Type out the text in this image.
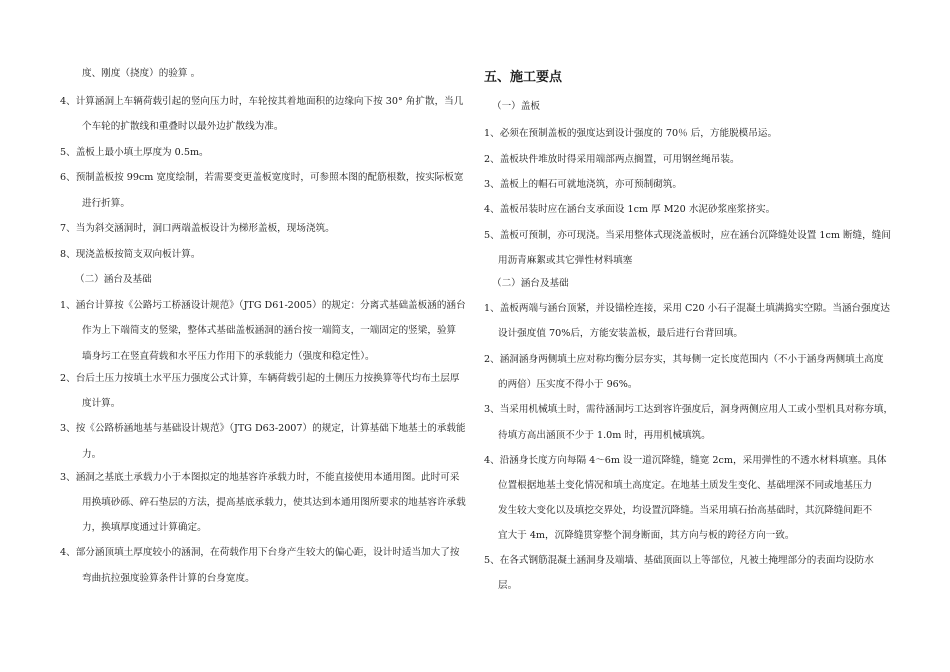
度、刚度（挠度）的验算 。
4、计算涵洞上车辆荷载引起的竖向压力时，车轮按其着地面积的边缘向下按 30° 角扩散，当几
个车轮的扩散线和重叠时以最外边扩散线为准。
5、盖板上最小填土厚度为 0.5m。
6、预制盖板按 99cm 宽度绘制，若需要变更盖板宽度时，可参照本图的配筋根数，按实际板宽
进行折算。
7、当为斜交涵洞时，洞口两端盖板设计为梯形盖板，现场浇筑。
8、现浇盖板按简支双向板计算。
（二）涵台及基础
1、涵台计算按《公路圬工桥涵设计规范》（JTG D61-2005）的规定：分离式基础盖板涵的涵台
作为上下端简支的竖梁，整体式基础盖板涵洞的涵台按一端简支，一端固定的竖梁，验算
墙身圬工在竖直荷载和水平压力作用下的承载能力（强度和稳定性）。
2、台后土压力按填土水平压力强度公式计算，车辆荷载引起的土侧压力按换算等代均布土层厚
度计算。
3、按《公路桥涵地基与基础设计规范》（JTG D63-2007）的规定，计算基础下地基土的承载能
力。
3、涵洞之基底土承载力小于本图拟定的地基容许承载力时，不能直接使用本通用图。此时可采
用换填砂砾、碎石垫层的方法，提高基底承载力，使其达到本通用图所要求的地基容许承载
力，换填厚度通过计算确定。
4、部分涵顶填土厚度较小的涵洞，在荷载作用下台身产生较大的偏心距，设计时适当加大了按
弯曲抗拉强度验算条件计算的台身宽度。
五、施工要点
（一）盖板
1、必须在预制盖板的强度达到设计强度的 70％ 后，方能脱模吊运。
2、盖板块件堆放时得采用端部两点搁置，可用钢丝绳吊装。
3、盖板上的帽石可就地浇筑，亦可预制砌筑。
4、盖板吊装时应在涵台支承面设 1cm 厚 M20 水泥砂浆座浆挤实。
5、盖板可预制，亦可现浇。当采用整体式现浇盖板时，应在涵台沉降缝处设置 1cm 断缝，缝间
用沥青麻絮或其它弹性材料填塞
（二）涵台及基础
1、盖板两端与涵台顶紧，并设锚栓连接，采用 C20 小石子混凝土填满捣实空隙。当涵台强度达
设计强度值 70%后，方能安装盖板，最后进行台背回填。
2、涵洞涵身两侧填土应对称均衡分层夯实，其每侧一定长度范围内（不小于涵身两侧填土高度
的两倍）压实度不得小于 96%。
3、当采用机械填土时，需待涵洞圬工达到容许强度后，洞身两侧应用人工或小型机具对称夯填，
待填方高出涵顶不少于 1.0m 时，再用机械填筑。
4、沿涵身长度方向每隔 4～6m 设一道沉降缝，缝宽 2cm，采用弹性的不透水材料填塞。具体
位置根据地基土变化情况和填土高度定。在地基土质发生变化、基础埋深不同或地基压力
发生较大变化以及填挖交界处，均设置沉降缝。当采用填石抬高基础时，其沉降缝间距不
宜大于 4m，沉降缝贯穿整个洞身断面，其方向与板的跨径方向一致。
5、在各式钢筋混凝土涵洞身及端墙、基础顶面以上等部位，凡被土掩埋部分的表面均设防水
层。
